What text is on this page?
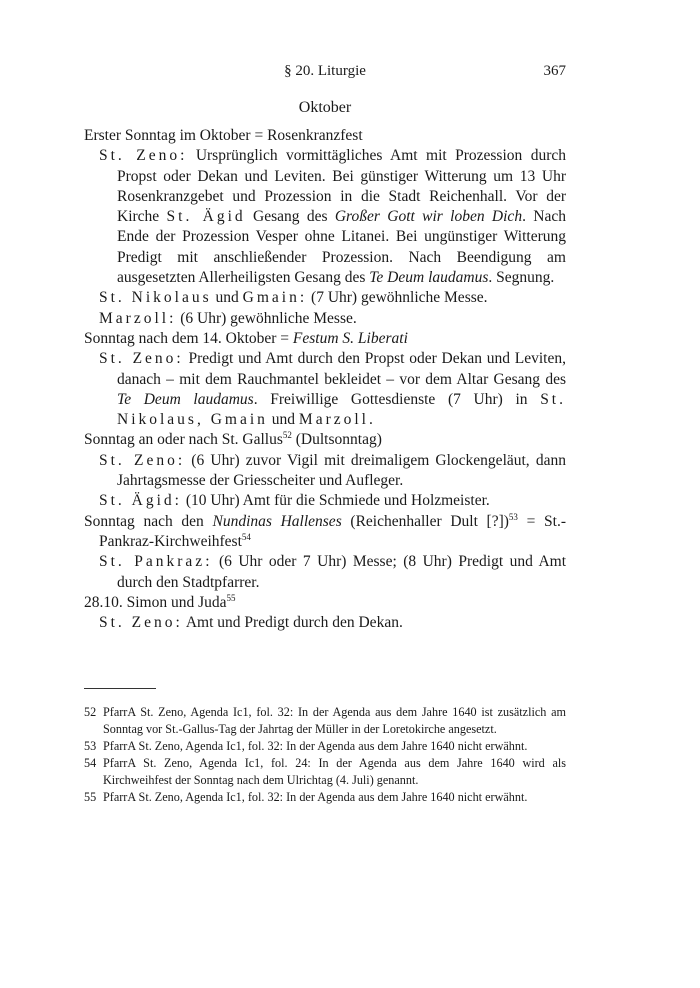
§ 20. Liturgie	367
Oktober

Erster Sonntag im Oktober = Rosenkranzfest

St. Zeno: Ursprünglich vormittägliches Amt mit Prozession durch Propst oder Dekan und Leviten. Bei günstiger Witterung um 13 Uhr Rosenkranzgebet und Prozession in die Stadt Reichenhall. Vor der Kirche St. Ägid Gesang des Großer Gott wir loben Dich. Nach Ende der Prozession Vesper ohne Litanei. Bei ungünstiger Witterung Predigt mit anschließender Prozession. Nach Beendigung am ausgesetzten Allerheiligsten Gesang des Te Deum laudamus. Segnung.

St. Nikolaus und Gmain: (7 Uhr) gewöhnliche Messe.

Marzoll: (6 Uhr) gewöhnliche Messe.

Sonntag nach dem 14. Oktober = Festum S. Liberati

St. Zeno: Predigt und Amt durch den Propst oder Dekan und Leviten, danach – mit dem Rauchmantel bekleidet – vor dem Altar Gesang des Te Deum laudamus. Freiwillige Gottesdienste (7 Uhr) in St. Nikolaus, Gmain und Marzoll.

Sonntag an oder nach St. Gallus$^{52}$ (Dultsonntag)

St. Zeno: (6 Uhr) zuvor Vigil mit dreimaligem Glockengeläut, dann Jahrtagsmesse der Griesscheiter und Aufleger.

St. Ägid: (10 Uhr) Amt für die Schmiede und Holzmeister.

Sonntag nach den Nundinas Hallenses (Reichenhaller Dult [?])$^{53}$ = St.-Pankraz-Kirchweihfest$^{54}$

St. Pankraz: (6 Uhr oder 7 Uhr) Messe; (8 Uhr) Predigt und Amt durch den Stadtpfarrer.

28.10. Simon und Juda$^{55}$

St. Zeno: Amt und Predigt durch den Dekan.

52 PfarrA St. Zeno, Agenda Ic1, fol. 32: In der Agenda aus dem Jahre 1640 ist zusätzlich am Sonntag vor St.-Gallus-Tag der Jahrtag der Müller in der Loretokirche angesetzt.

53 PfarrA St. Zeno, Agenda Ic1, fol. 32: In der Agenda aus dem Jahre 1640 nicht erwähnt.

54 PfarrA St. Zeno, Agenda Ic1, fol. 24: In der Agenda aus dem Jahre 1640 wird als Kirchweihfest der Sonntag nach dem Ulrichtag (4. Juli) genannt.

55 PfarrA St. Zeno, Agenda Ic1, fol. 32: In der Agenda aus dem Jahre 1640 nicht erwähnt.
